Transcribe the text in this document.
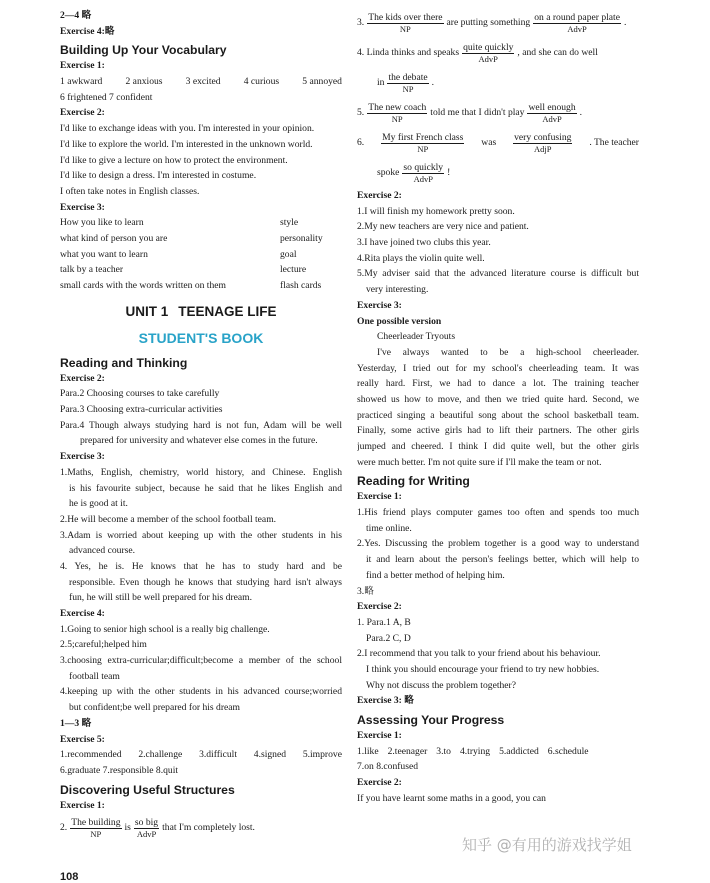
2—4 略
Exercise 4:略
Building Up Your Vocabulary
Exercise 1:
1 awkward 2 anxious 3 excited 4 curious 5 annoyed
6 frightened 7 confident
Exercise 2:
I'd like to exchange ideas with you. I'm interested in your opinion.
I'd like to explore the world. I'm interested in the unknown world.
I'd like to give a lecture on how to protect the environment.
I'd like to design a dress. I'm interested in costume.
I often take notes in English classes.
Exercise 3:
How you like to learn	style
what kind of person you are	personality
what you want to learn	goal
talk by a teacher	lecture
small cards with the words written on them	flash cards
UNIT 1 TEENAGE LIFE
STUDENT'S BOOK
Reading and Thinking
Exercise 2:
Para.2 Choosing courses to take carefully
Para.3 Choosing extra-curricular activities
Para.4 Though always studying hard is not fun, Adam will be well
prepared for university and whatever else comes in the future.
Exercise 3:
1.Maths, English, chemistry, world history, and Chinese. English
is his favourite subject, because he said that he likes English and
he is good at it.
2.He will become a member of the school football team.
3.Adam is worried about keeping up with the other students in his
advanced course.
4. Yes, he is. He knows that he has to study hard and be
responsible. Even though he knows that studying hard isn't always
fun, he will still be well prepared for his dream.
Exercise 4:
1.Going to senior high school is a really big challenge.
2.5;careful;helped him
3.choosing extra-curricular;difficult;become a member of the school
football team
4.keeping up with the other students in his advanced course;worried
but confident;be well prepared for his dream
1—3 略
Exercise 5:
1.recommended 2.challenge 3.difficult 4.signed 5.improve
6.graduate 7.responsible 8.quit
Discovering Useful Structures
Exercise 1:
2. $\frac{\text{The building}}{NP}$ is $\frac{\text{so big}}{\text{AdvP}}$ that I'm completely lost.
3. $\frac{\text{The kids over there}}{NP}$ are putting something $\frac{\text{on a round paper plate}}{\text{AdvP}}$ .
4. Linda thinks and speaks $\frac{\text{quite quickly}}{\text{AdvP}}$ , and she can do well
in $\frac{\text{the debate}}{NP}$ .
5. $\frac{\text{The new coach}}{NP}$ told me that I didn't play $\frac{\text{well enough}}{\text{AdvP}}$ .
6. $\frac{\text{My first French class}}{NP}$ was $\frac{\text{very confusing}}{\text{AdjP}}$ . The teacher
spoke $\frac{\text{so quickly}}{\text{AdvP}}$ !
Exercise 2:
1.I will finish my homework pretty soon.
2.My new teachers are very nice and patient.
3.I have joined two clubs this year.
4.Rita plays the violin quite well.
5.My adviser said that the advanced literature course is difficult but
very interesting.
Exercise 3:
One possible version
Cheerleader Tryouts
I've always wanted to be a high-school cheerleader.
Yesterday, I tried out for my school's cheerleading team. It was
really hard. First, we had to dance a lot. The training teacher
showed us how to move, and then we tried quite hard. Second, we
practiced singing a beautiful song about the school basketball team.
Finally, some active girls had to lift their partners. The other girls
jumped and cheered. I think I did quite well, but the other girls
were much better. I'm not quite sure if I'll make the team or not.
Reading for Writing
Exercise 1:
1.His friend plays computer games too often and spends too much
time online.
2.Yes. Discussing the problem together is a good way to understand
it and learn about the person's feelings better, which will help to
find a better method of helping him.
3.略
Exercise 2:
1. Para.1 A, B
Para.2 C, D
2.I recommend that you talk to your friend about his behaviour.
I think you should encourage your friend to try new hobbies.
Why not discuss the problem together?
Exercise 3: 略
Assessing Your Progress
Exercise 1:
1.like 2.teenager 3.to 4.trying 5.addicted 6.schedule
7.on 8.confused
Exercise 2:
If you have learnt some maths in a good, you can
知乎 @有用的游戏找学姐
108
